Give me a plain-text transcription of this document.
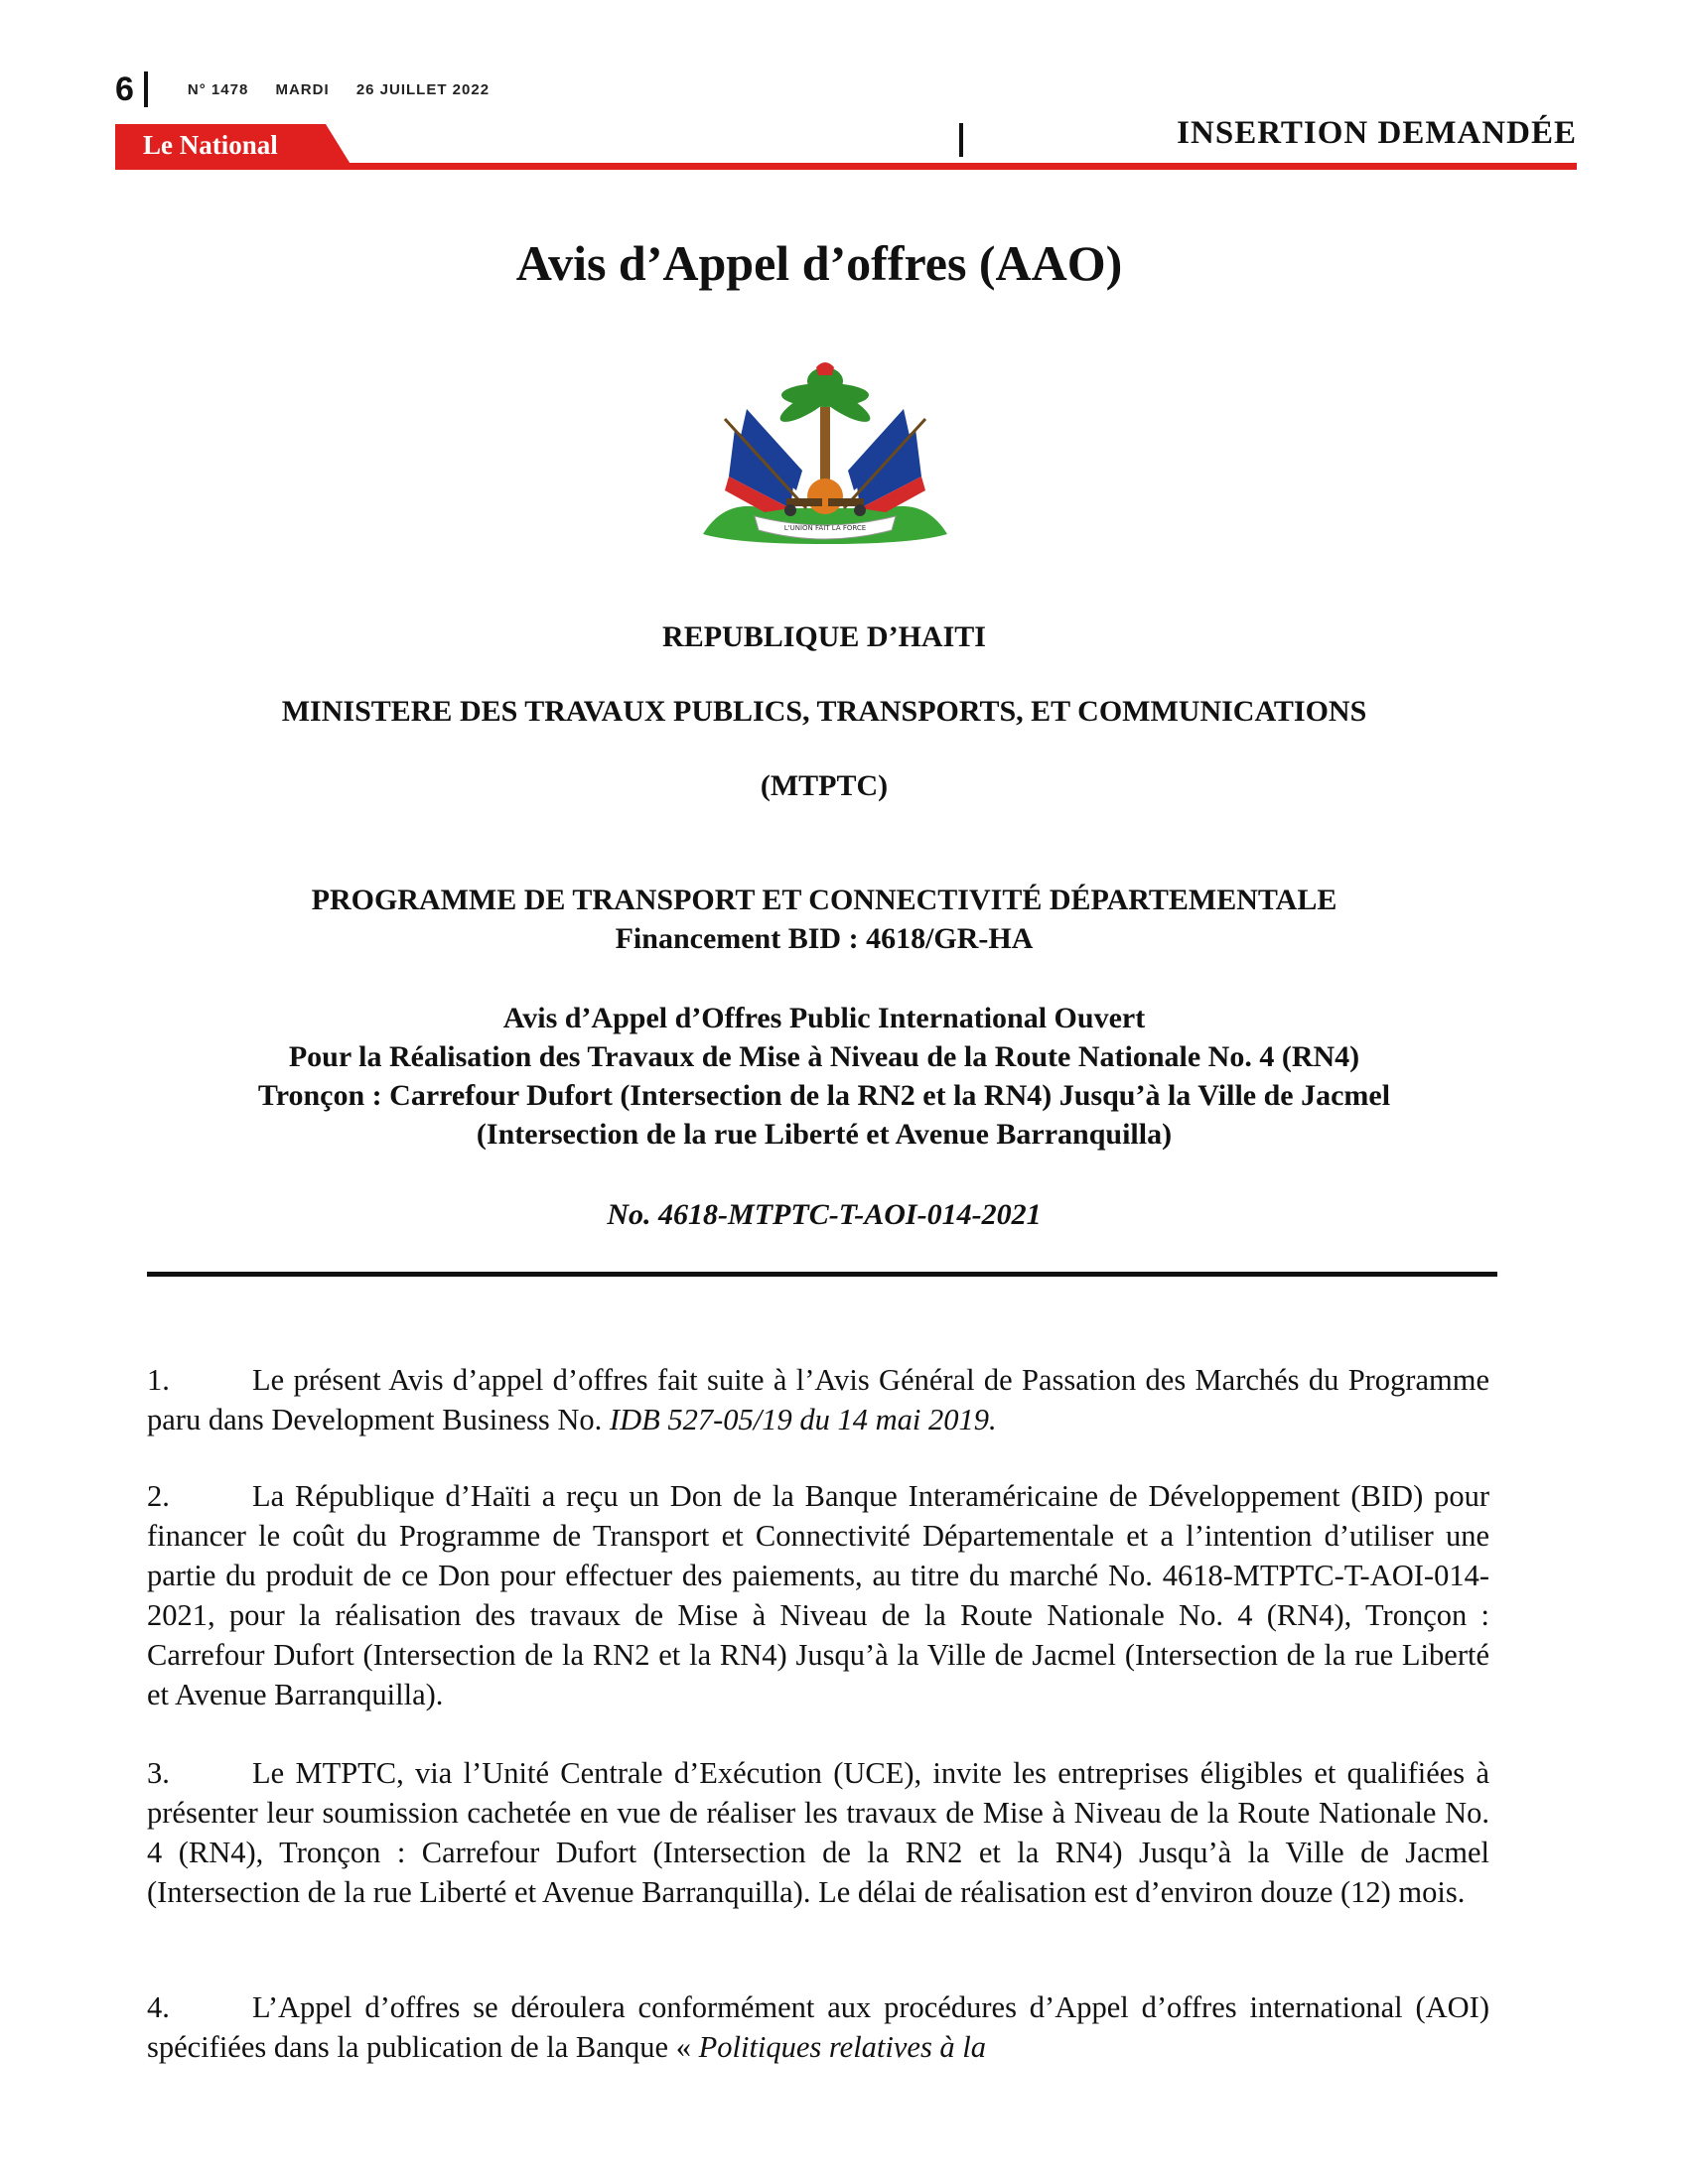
6	N° 1478 MARDI 26 JUILLET 2022
Le National	INSERTION DEMANDÉE
Avis d’Appel d’offres (AAO)
L'UNION FAIT LA FORCE
REPUBLIQUE D’HAITI
MINISTERE DES TRAVAUX PUBLICS, TRANSPORTS, ET COMMUNICATIONS
(MTPTC)
PROGRAMME DE TRANSPORT ET CONNECTIVITÉ DÉPARTEMENTALE
Financement BID : 4618/GR-HA
Avis d’Appel d’Offres Public International Ouvert
Pour la Réalisation des Travaux de Mise à Niveau de la Route Nationale No. 4 (RN4)
Tronçon : Carrefour Dufort (Intersection de la RN2 et la RN4) Jusqu’à la Ville de Jacmel
(Intersection de la rue Liberté et Avenue Barranquilla)
No. 4618-MTPTC-T-AOI-014-2021
1.	Le présent Avis d’appel d’offres fait suite à l’Avis Général de Passation des Marchés du Programme paru dans Development Business No. IDB 527-05/19 du 14 mai 2019.
2.	La République d’Haïti a reçu un Don de la Banque Interaméricaine de Développement (BID) pour financer le coût du Programme de Transport et Connectivité Départementale et a l’intention d’utiliser une partie du produit de ce Don pour effectuer des paiements, au titre du marché No. 4618-MTPTC-T-AOI-014-2021, pour la réalisation des travaux de Mise à Niveau de la Route Nationale No. 4 (RN4), Tronçon : Carrefour Dufort (Intersection de la RN2 et la RN4) Jusqu’à la Ville de Jacmel (Intersection de la rue Liberté et Avenue Barranquilla).
3.	Le MTPTC, via l’Unité Centrale d’Exécution (UCE), invite les entreprises éligibles et qualifiées à présenter leur soumission cachetée en vue de réaliser les travaux de Mise à Niveau de la Route Nationale No. 4 (RN4), Tronçon : Carrefour Dufort (Intersection de la RN2 et la RN4) Jusqu’à la Ville de Jacmel (Intersection de la rue Liberté et Avenue Barranquilla). Le délai de réalisation est d’environ douze (12) mois.
4.	L’Appel d’offres se déroulera conformément aux procédures d’Appel d’offres international (AOI) spécifiées dans la publication de la Banque « Politiques relatives à la
